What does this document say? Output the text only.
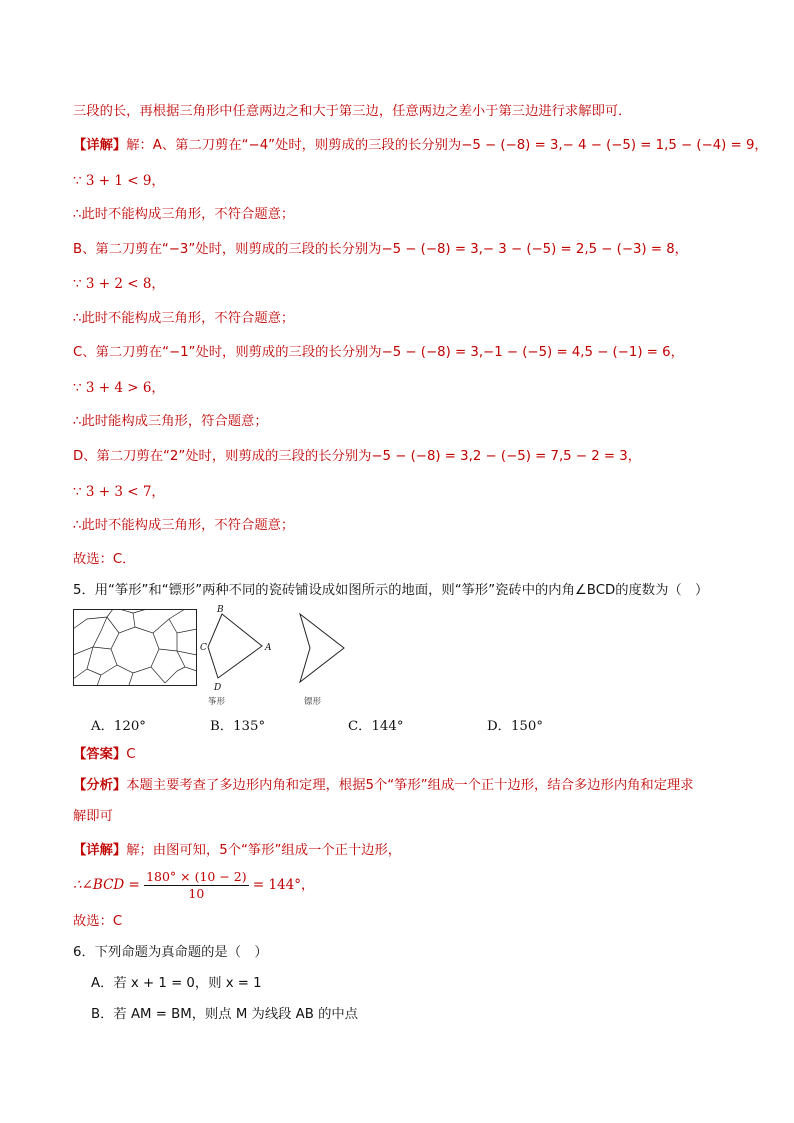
三段的长，再根据三角形中任意两边之和大于第三边，任意两边之差小于第三边进行求解即可．
【详解】解：A、第二刀剪在“−4”处时，则剪成的三段的长分别为−5 − (−8) = 3,− 4 − (−5) = 1,5 − (−4) = 9，
∵ 3 + 1 < 9，
∴此时不能构成三角形，不符合题意；
B、第二刀剪在“−3”处时，则剪成的三段的长分别为−5 − (−8) = 3,− 3 − (−5) = 2,5 − (−3) = 8，
∵ 3 + 2 < 8，
∴此时不能构成三角形，不符合题意；
C、第二刀剪在“−1”处时，则剪成的三段的长分别为−5 − (−8) = 3,−1 − (−5) = 4,5 − (−1) = 6，
∵ 3 + 4 > 6，
∴此时能构成三角形，符合题意；
D、第二刀剪在“2”处时，则剪成的三段的长分别为−5 − (−8) = 3,2 − (−5) = 7,5 − 2 = 3，
∵ 3 + 3 < 7，
∴此时不能构成三角形，不符合题意；
故选：C．
5．用“筝形”和“镖形”两种不同的瓷砖铺设成如图所示的地面，则“筝形”瓷砖中的内角∠BCD的度数为（　）
B
C	A
D
筝形	镖形
A．120°	B．135°	C．144°	D．150°
【答案】C
【分析】本题主要考查了多边形内角和定理，根据5个“筝形”组成一个正十边形，结合多边形内角和定理求
解即可
【详解】解；由图可知，5个“筝形”组成一个正十边形，
∴∠BCD = $\frac{180^\circ \times (10 - 2)}{10} = 144^\circ$，
故选：C
6．下列命题为真命题的是（　）
A．若 x + 1 = 0，则 x = 1
B．若 AM = BM，则点 M 为线段 AB 的中点
